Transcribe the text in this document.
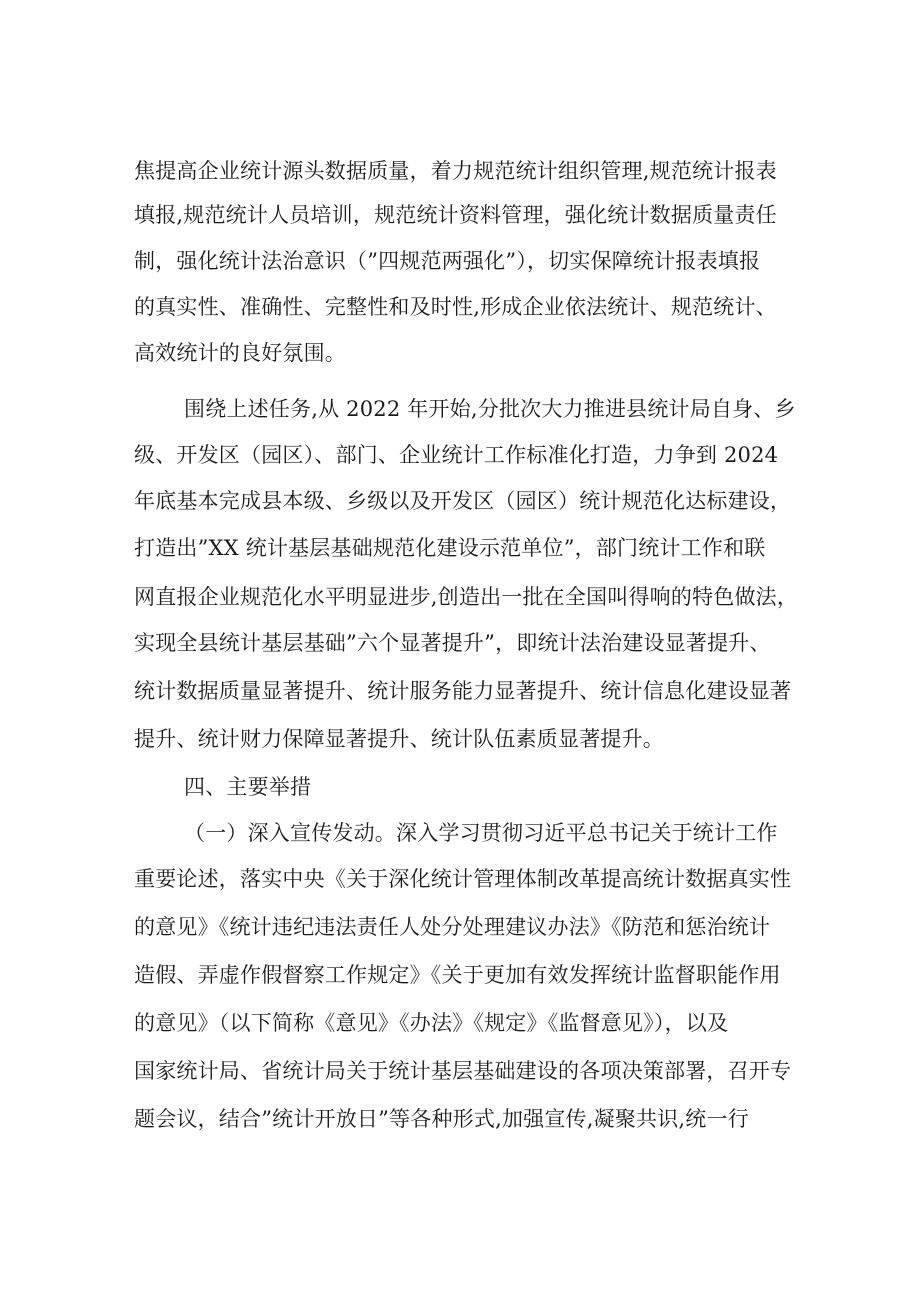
焦提高企业统计源头数据质量，着力规范统计组织管理,规范统计报表
填报,规范统计人员培训，规范统计资料管理，强化统计数据质量责任
制，强化统计法治意识（”四规范两强化”），切实保障统计报表填报
的真实性、准确性、完整性和及时性,形成企业依法统计、规范统计、
高效统计的良好氛围。
围绕上述任务,从 2022 年开始,分批次大力推进县统计局自身、乡
级、开发区（园区）、部门、企业统计工作标准化打造，力争到 2024
年底基本完成县本级、乡级以及开发区（园区）统计规范化达标建设，
打造出”XX 统计基层基础规范化建设示范单位”，部门统计工作和联
网直报企业规范化水平明显进步,创造出一批在全国叫得响的特色做法，
实现全县统计基层基础”六个显著提升”，即统计法治建设显著提升、
统计数据质量显著提升、统计服务能力显著提升、统计信息化建设显著
提升、统计财力保障显著提升、统计队伍素质显著提升。
四、主要举措
（一）深入宣传发动。深入学习贯彻习近平总书记关于统计工作
重要论述，落实中央《关于深化统计管理体制改革提高统计数据真实性
的意见》《统计违纪违法责任人处分处理建议办法》《防范和惩治统计
造假、弄虚作假督察工作规定》《关于更加有效发挥统计监督职能作用
的意见》（以下简称《意见》《办法》《规定》《监督意见》），以及
国家统计局、省统计局关于统计基层基础建设的各项决策部署，召开专
题会议，结合”统计开放日”等各种形式,加强宣传,凝聚共识,统一行
